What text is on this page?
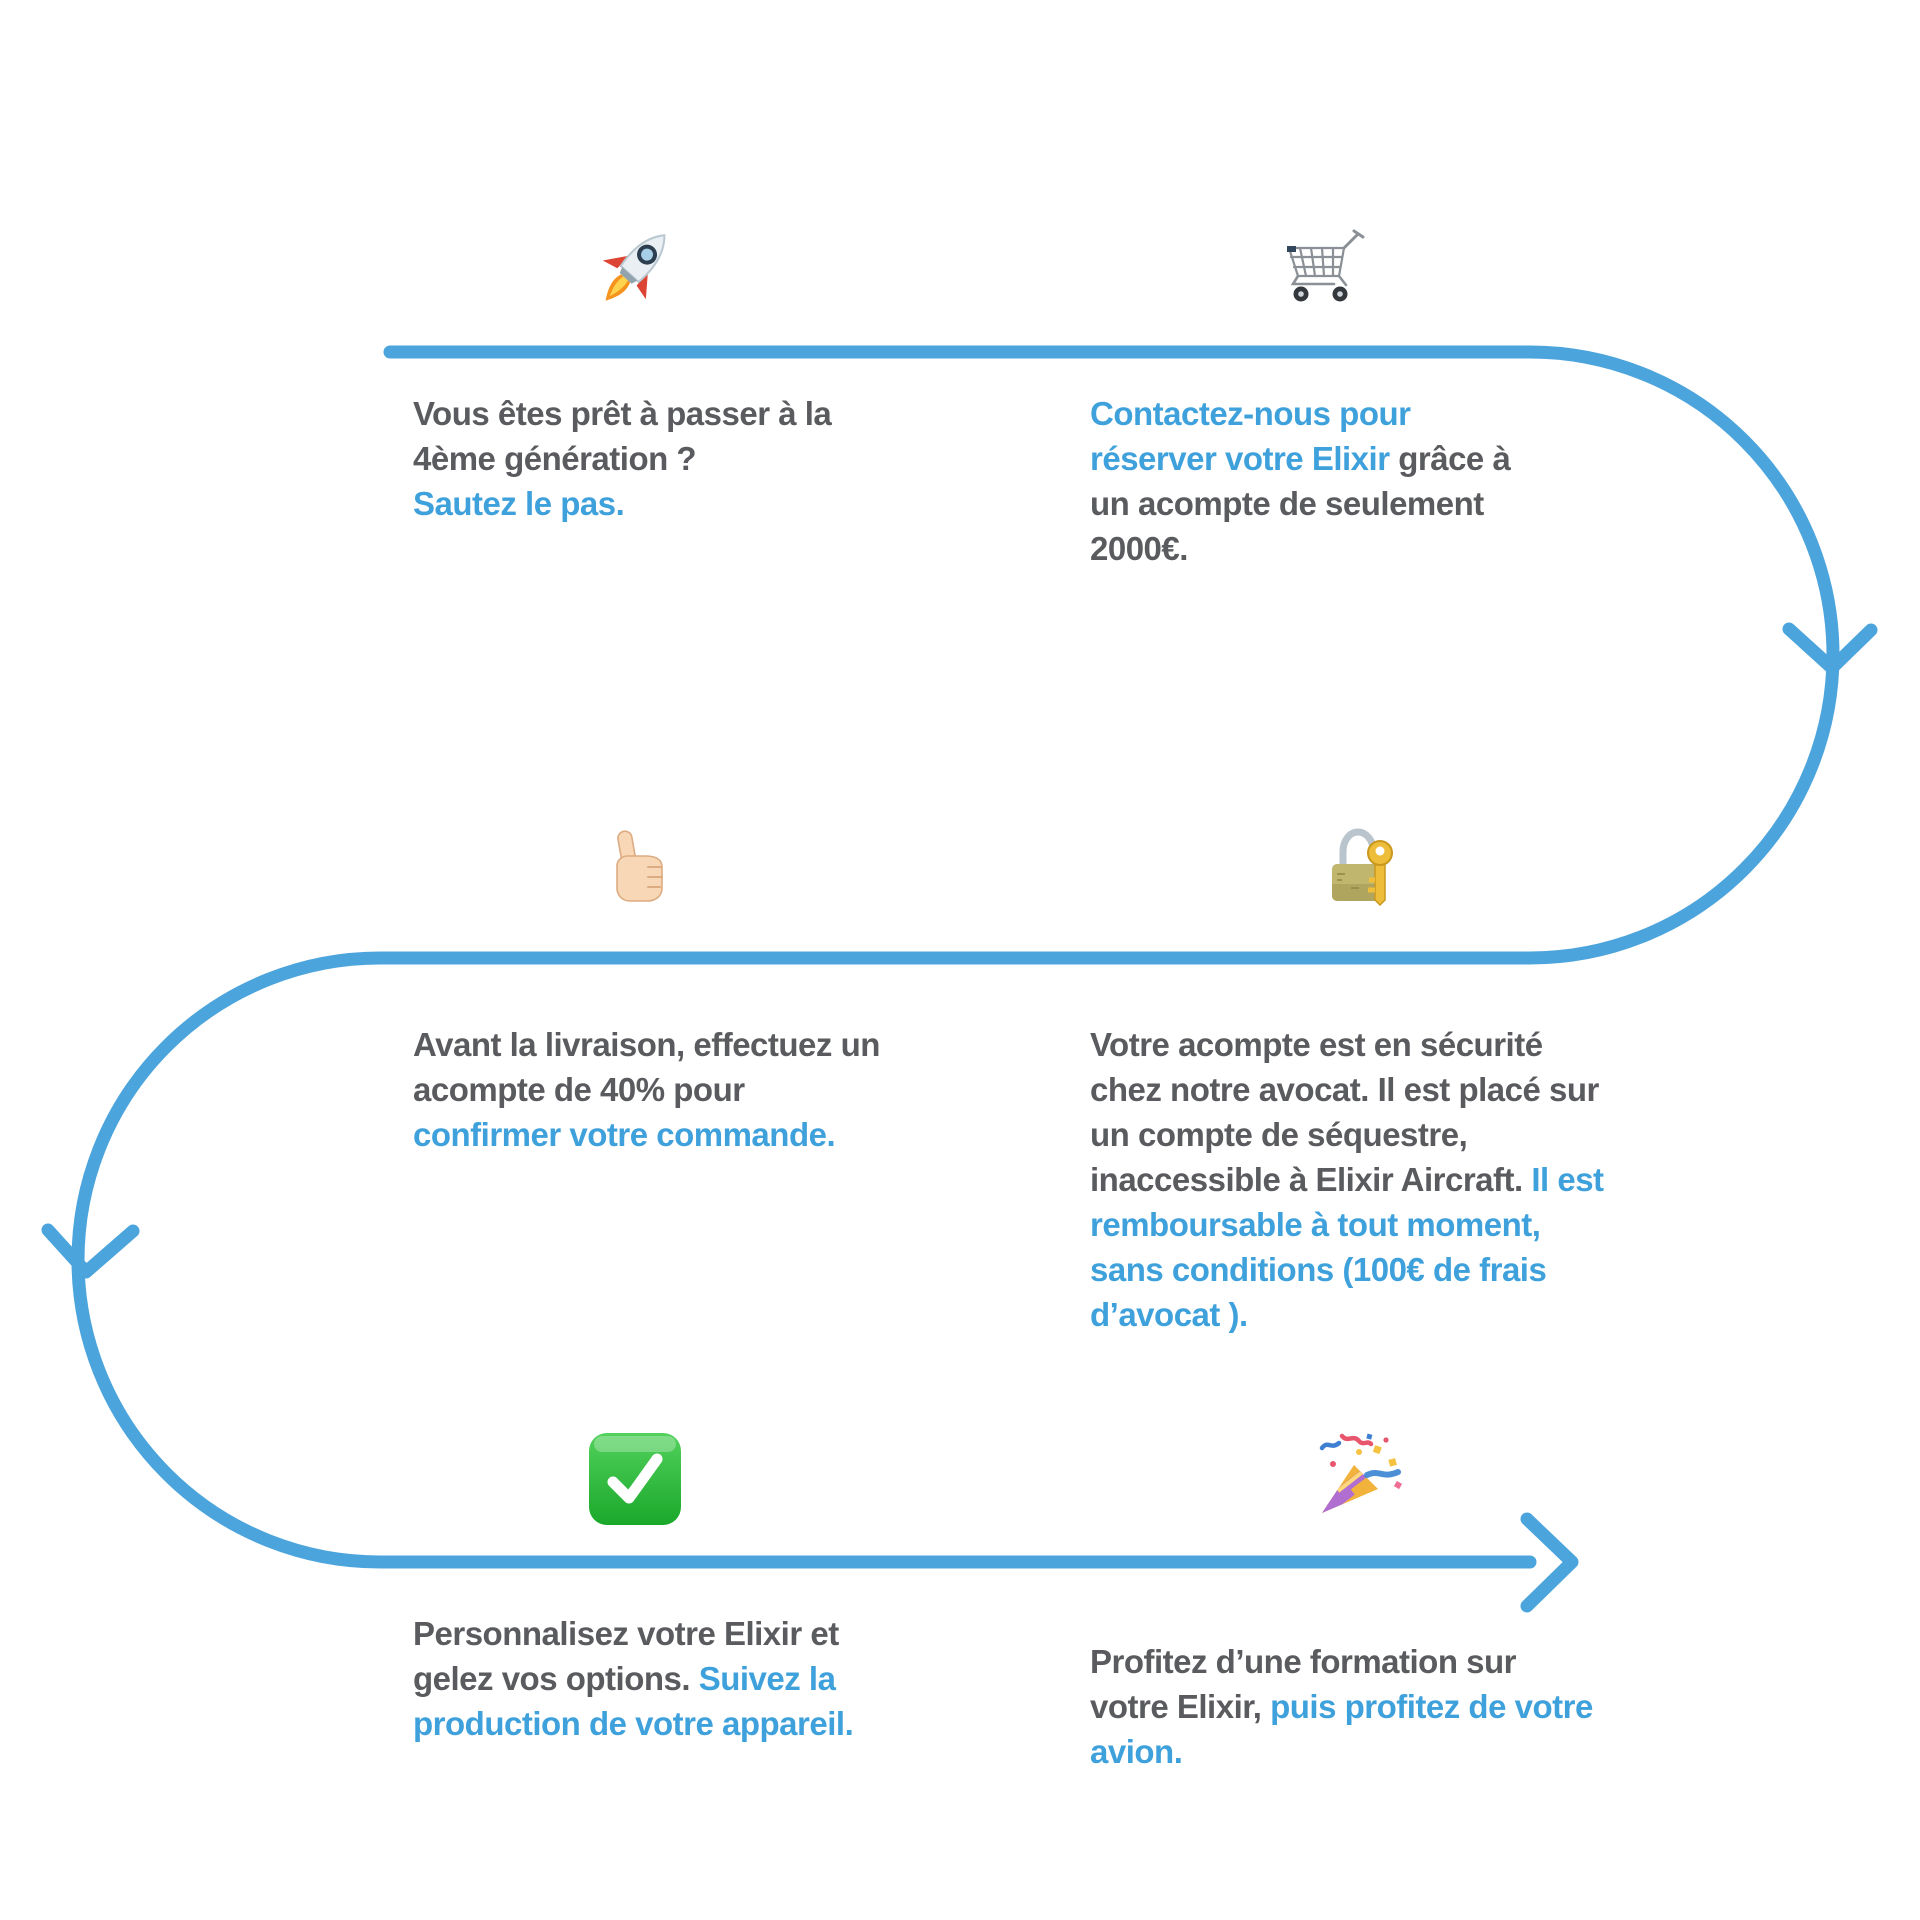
Vous êtes prêt à passer à la
4ème génération ?
Sautez le pas.
Contactez-nous pour
réserver votre Elixir grâce à
un acompte de seulement
2000€.
Avant la livraison, effectuez un
acompte de 40% pour
confirmer votre commande.
Votre acompte est en sécurité
chez notre avocat. Il est placé sur
un compte de séquestre,
inaccessible à Elixir Aircraft. Il est
remboursable à tout moment,
sans conditions (100€ de frais
d’avocat ).
Personnalisez votre Elixir et
gelez vos options. Suivez la
production de votre appareil.
Profitez d’une formation sur
votre Elixir, puis profitez de votre
avion.
